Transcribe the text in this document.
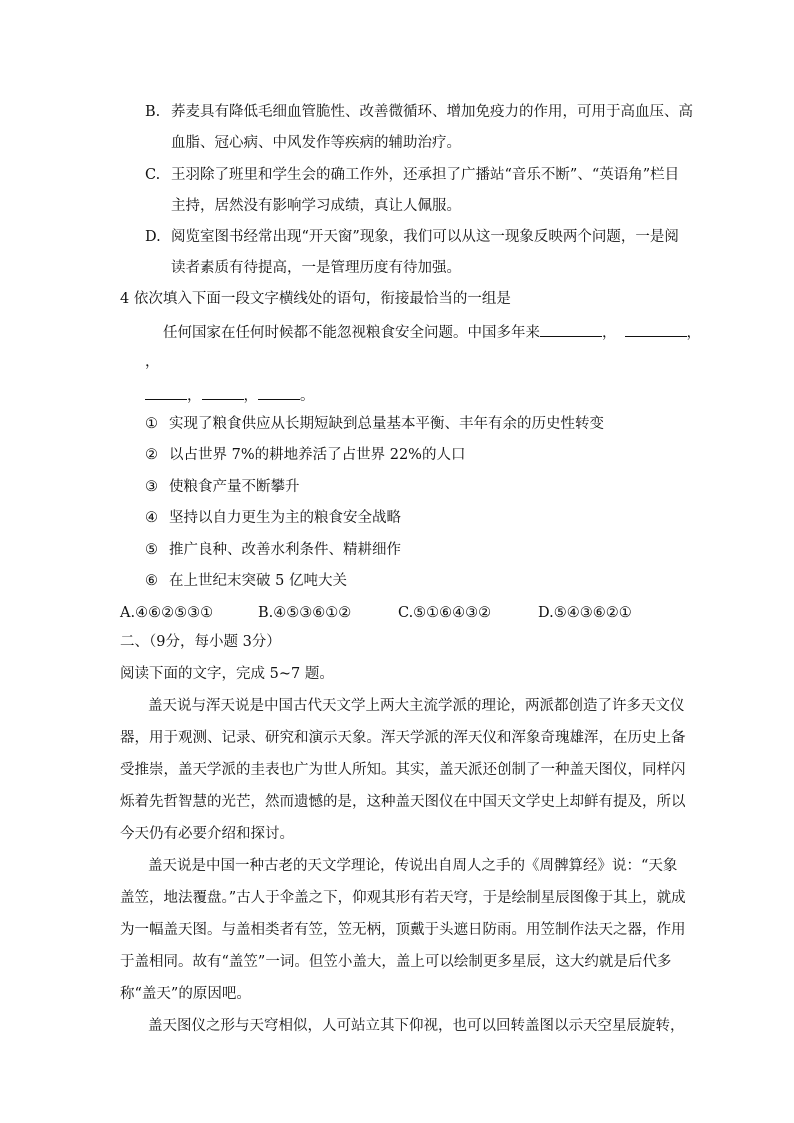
B. 荞麦具有降低毛细血管脆性、改善微循环、增加免疫力的作用，可用于高血压、高
血脂、冠心病、中风发作等疾病的辅助治疗。
C. 王羽除了班里和学生会的确工作外，还承担了广播站“音乐不断”、“英语角”栏目
主持，居然没有影响学习成绩，真让人佩服。
D. 阅览室图书经常出现“开天窗”现象，我们可以从这一现象反映两个问题，一是阅
读者素质有待提高，一是管理历度有待加强。
4 依次填入下面一段文字横线处的语句，衔接最恰当的一组是
任何国家在任何时候都不能忽视粮食安全问题。中国多年来	，	，
，
，	，	。
① 实现了粮食供应从长期短缺到总量基本平衡、丰年有余的历史性转变
② 以占世界 7%的耕地养活了占世界 22%的人口
③ 使粮食产量不断攀升
④ 坚持以自力更生为主的粮食安全战略
⑤ 推广良种、改善水利条件、精耕细作
⑥ 在上世纪末突破 5 亿吨大关
A.④⑥②⑤③①	B.④⑤③⑥①②	C.⑤①⑥④③②	D.⑤④③⑥②①
二、（9分，每小题 3分）
阅读下面的文字，完成 5~7 题。
盖天说与浑天说是中国古代天文学上两大主流学派的理论，两派都创造了许多天文仪
器，用于观测、记录、研究和演示天象。浑天学派的浑天仪和浑象奇瑰雄浑，在历史上备
受推崇，盖天学派的圭表也广为世人所知。其实，盖天派还创制了一种盖天图仪，同样闪
烁着先哲智慧的光芒，然而遗憾的是，这种盖天图仪在中国天文学史上却鲜有提及，所以
今天仍有必要介绍和探讨。
盖天说是中国一种古老的天文学理论，传说出自周人之手的《周髀算经》说：“天象
盖笠，地法覆盘。”古人于伞盖之下，仰观其形有若天穹，于是绘制星辰图像于其上，就成
为一幅盖天图。与盖相类者有笠，笠无柄，顶戴于头遮日防雨。用笠制作法天之器，作用
于盖相同。故有“盖笠”一词。但笠小盖大，盖上可以绘制更多星辰，这大约就是后代多
称“盖天”的原因吧。
盖天图仪之形与天穹相似，人可站立其下仰视，也可以回转盖图以示天空星辰旋转，
